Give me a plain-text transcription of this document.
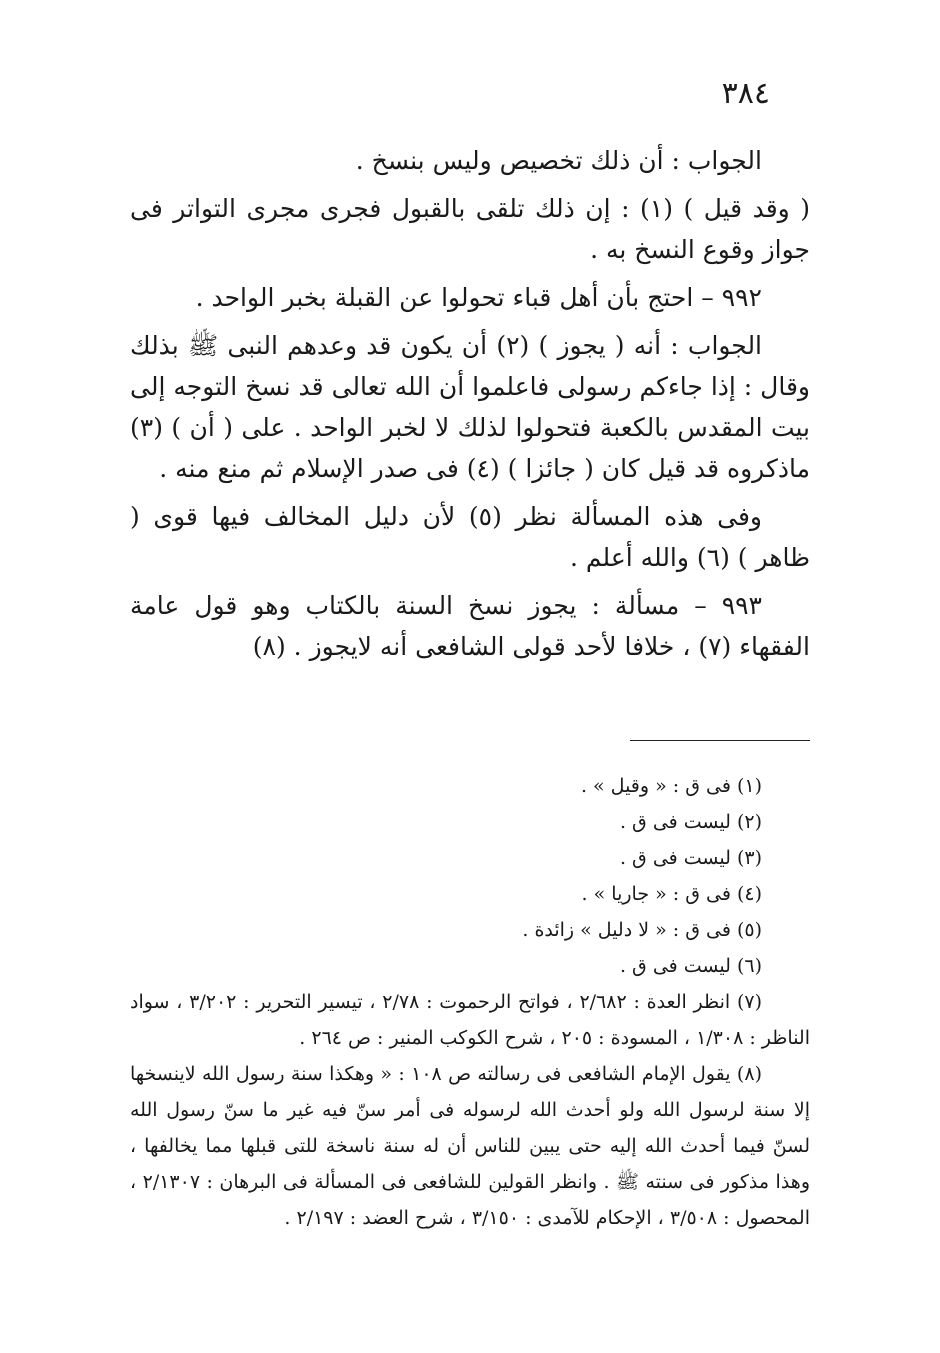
٣٨٤

الجواب : أن ذلك تخصيص وليس بنسخ .

( وقد قيل ) (١) : إن ذلك تلقى بالقبول فجرى مجرى التواتر فى جواز وقوع النسخ به .

٩٩٢ – احتج بأن أهل قباء تحولوا عن القبلة بخبر الواحد .

الجواب : أنه ( يجوز ) (٢) أن يكون قد وعدهم النبى ﷺ بذلك وقال : إذا جاءكم رسولى فاعلموا أن الله تعالى قد نسخ التوجه إلى بيت المقدس بالكعبة فتحولوا لذلك لا لخبر الواحد . على ( أن ) (٣) ماذكروه قد قيل كان ( جائزا ) (٤) فى صدر الإسلام ثم منع منه .

وفى هذه المسألة نظر (٥) لأن دليل المخالف فيها قوى ( ظاهر ) (٦) والله أعلم .

٩٩٣ – مسألة : يجوز نسخ السنة بالكتاب وهو قول عامة الفقهاء (٧) ، خلافا لأحد قولى الشافعى أنه لايجوز . (٨)

(١) فى ق : « وقيل » .

(٢) ليست فى ق .

(٣) ليست فى ق .

(٤) فى ق : « جاريا » .

(٥) فى ق : « لا دليل » زائدة .

(٦) ليست فى ق .

(٧) انظر العدة : ٢/٦٨٢ ، فواتح الرحموت : ٢/٧٨ ، تيسير التحرير : ٣/٢٠٢ ، سواد الناظر : ١/٣٠٨ ، المسودة : ٢٠٥ ، شرح الكوكب المنير : ص ٢٦٤ .

(٨) يقول الإمام الشافعى فى رسالته ص ١٠٨ : « وهكذا سنة رسول الله لاينسخها إلا سنة لرسول الله ولو أحدث الله لرسوله فى أمر سنّ فيه غير ما سنّ رسول الله لسنّ فيما أحدث الله إليه حتى يبين للناس أن له سنة ناسخة للتى قبلها مما يخالفها ، وهذا مذكور فى سنته ﷺ . وانظر القولين للشافعى فى المسألة فى البرهان : ٢/١٣٠٧ ، المحصول : ٣/٥٠٨ ، الإحكام للآمدى : ٣/١٥٠ ، شرح العضد : ٢/١٩٧ .
